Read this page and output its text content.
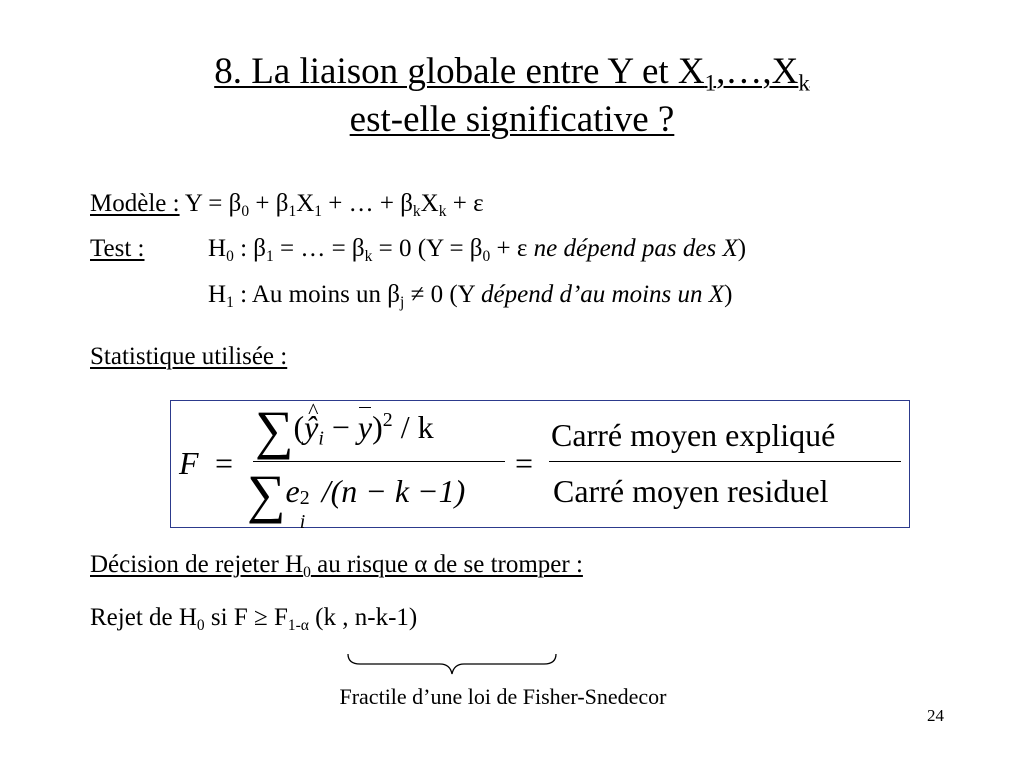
8. La liaison globale entre Y et $X_1,\dots,X_k$
est-elle significative ?
Modèle : $Y = \beta_0 + \beta_1X_1$ + … + $\beta_kX_k + \varepsilon$
Test :	$H_0$ : $\beta_1$ = … = $\beta_k = 0$ ($Y = \beta_0 + \varepsilon$ ne dépend pas des X)
$H_1$ : Au moins un $\beta_j \ne 0$ (Y dépend d’au moins un X)
Statistique utilisée :
F =
∑(^ $ŷ_i - y)^2 / k$
∑e 2
i
/(n − k −1)
=
Carré moyen expliqué
Carré moyen residuel
Décision de rejeter $H_0$ au risque α de se tromper :
Rejet de $H_0$ si $F \ge F_{1-\alpha}$ (k , n-k-1)
Fractile d’une loi de Fisher-Snedecor
24
